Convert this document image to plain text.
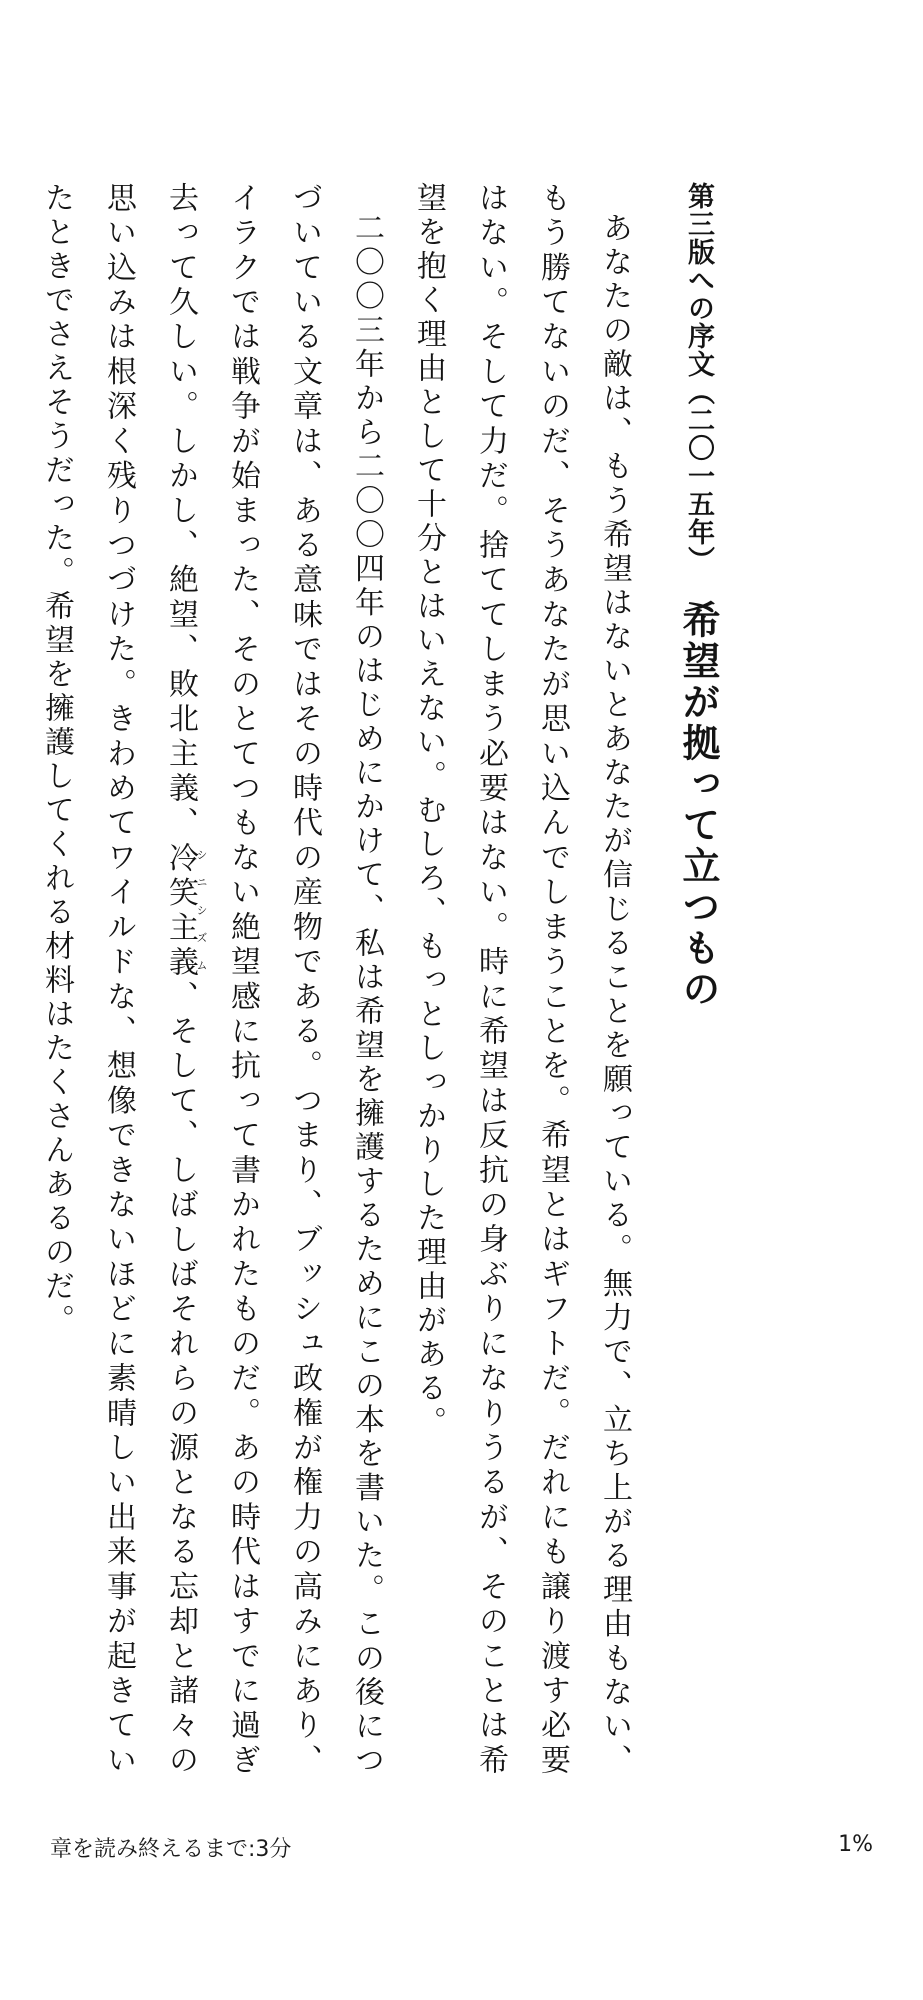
第三版への序文（二〇一五年）希望が拠って立つもの

あなたの敵は、もう希望はないとあなたが信じることを願っている。無力で、立ち上がる理由もない、もう勝てないのだ、そうあなたが思い込んでしまうことを。希望とはギフトだ。だれにも譲り渡す必要はない。そして力だ。捨ててしまう必要はない。時に希望は反抗の身ぶりになりうるが、そのことは希望を抱く理由として十分とはいえない。むしろ、もっとしっかりした理由がある。

二〇〇三年から二〇〇四年のはじめにかけて、私は希望を擁護するためにこの本を書いた。この後につづいている文章は、ある意味ではその時代の産物である。つまり、ブッシュ政権が権力の高みにあり、イラクでは戦争が始まった、そのとてつもない絶望感に抗って書かれたものだ。あの時代はすでに過ぎ去って久しい。しかし、絶望、敗北主義、冷笑主義シニシズム、そして、しばしばそれらの源となる忘却と諸々の思い込みは根深く残りつづけた。きわめてワイルドな、想像できないほどに素晴しい出来事が起きていたときでさえそうだった。希望を擁護してくれる材料はたくさんあるのだ。

章を読み終えるまで:3分	1%
